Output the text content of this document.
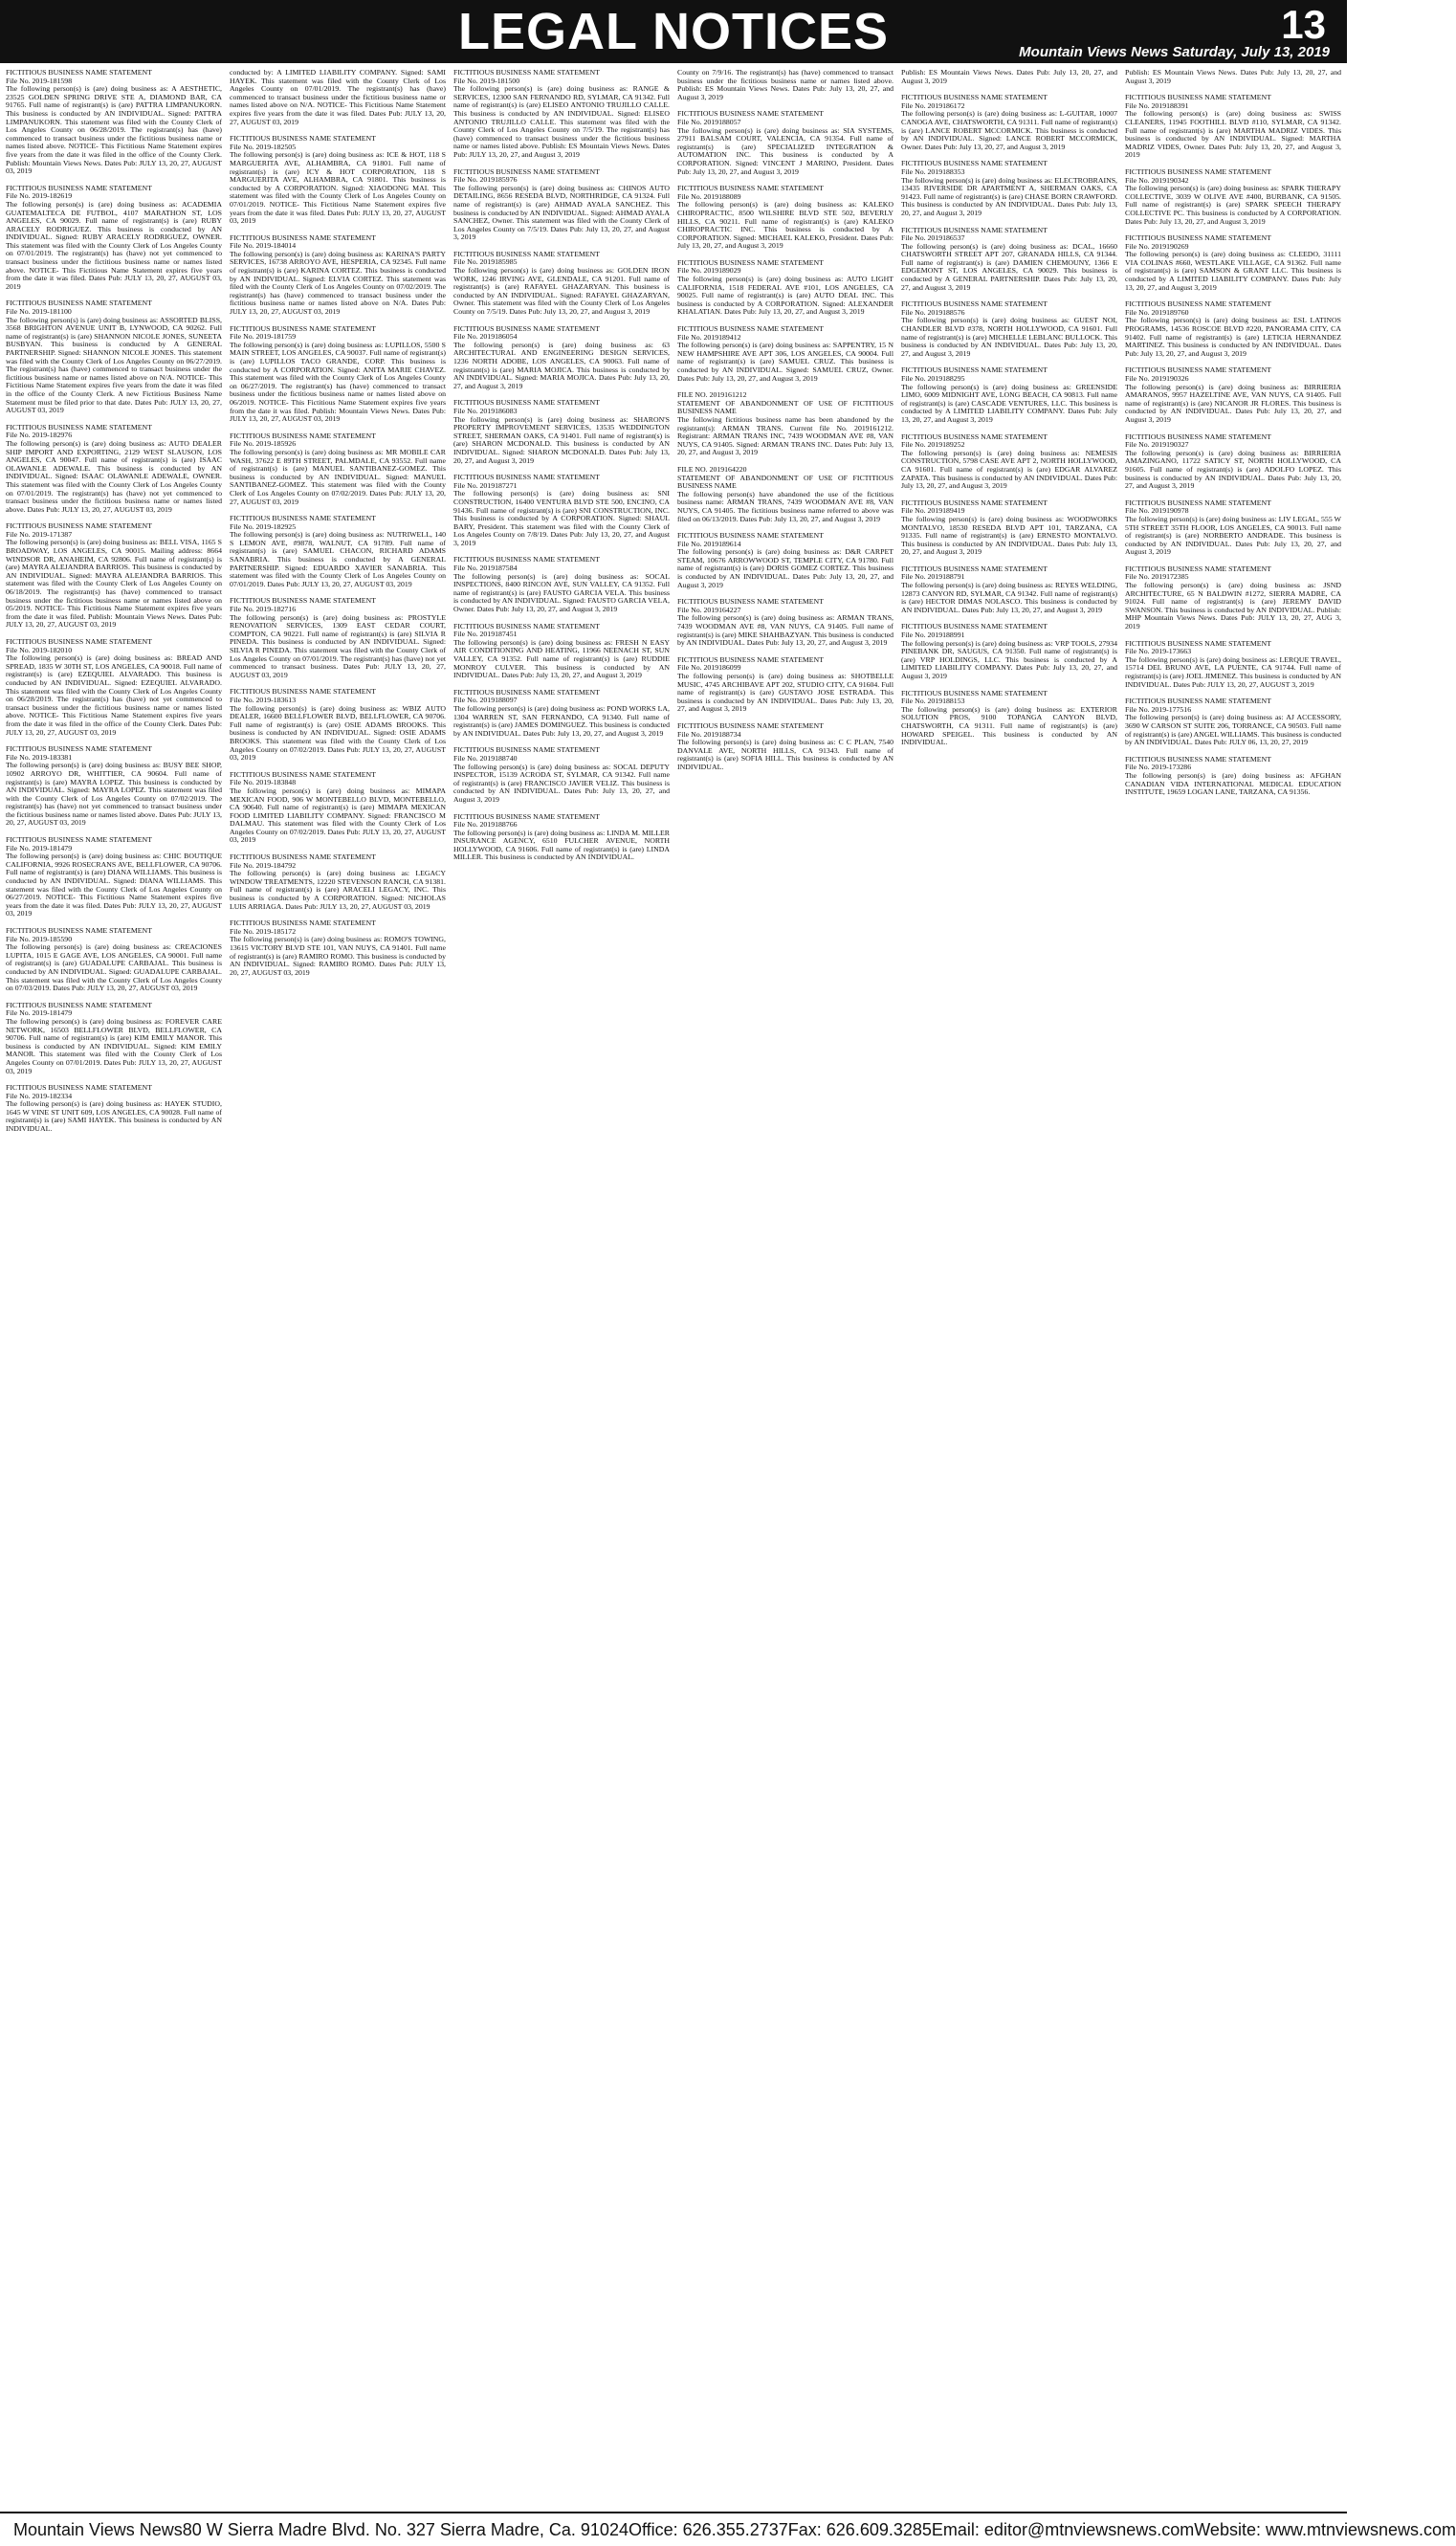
LEGAL NOTICES	13
Mountain Views News Saturday, July 13, 2019
FICTITIOUS BUSINESS NAME STATEMENT
File No. 2019-181598

The following person(s) is (are) doing business as: A AESTHETIC, 23525 GOLDEN SPRING DRIVE STE A, DIAMOND BAR, CA 91765. Full name of registrant(s) is (are) PATTRA LIMPANUKORN. This business is conducted by AN INDIVIDUAL. Signed: PATTRA LIMPANUKORN. This statement was filed with the County Clerk of Los Angeles County on 06/28/2019. The registrant(s) has (have) commenced to transact business under the fictitious business name or names listed above. NOTICE- This Fictitious Name Statement expires five years from the date it was filed in the office of the County Clerk. Publish: Mountain Views News. Dates Pub: JULY 13, 20, 27, AUGUST 03, 2019

FICTITIOUS BUSINESS NAME STATEMENT
File No. 2019-182619

The following person(s) is (are) doing business as: ACADEMIA GUATEMALTECA DE FUTBOL, 4107 MARATHON ST, LOS ANGELES, CA 90029. Full name of registrant(s) is (are) RUBY ARACELY RODRIGUEZ. This business is conducted by AN INDIVIDUAL. Signed: RUBY ARACELY RODRIGUEZ, OWNER. This statement was filed with the County Clerk of Los Angeles County on 07/01/2019. The registrant(s) has (have) not yet commenced to transact business under the fictitious business name or names listed above. NOTICE- This Fictitious Name Statement expires five years from the date it was filed. Dates Pub: JULY 13, 20, 27, AUGUST 03, 2019

FICTITIOUS BUSINESS NAME STATEMENT
File No. 2019-181100

The following person(s) is (are) doing business as: ASSORTED BLISS, 3568 BRIGHTON AVENUE UNIT B, LYNWOOD, CA 90262. Full name of registrant(s) is (are) SHANNON NICOLE JONES, SUNEETA BUSBYAN. This business is conducted by A GENERAL PARTNERSHIP. Signed: SHANNON NICOLE JONES. This statement was filed with the County Clerk of Los Angeles County on 06/27/2019. The registrant(s) has (have) commenced to transact business under the fictitious business name or names listed above on N/A. NOTICE- This Fictitious Name Statement expires five years from the date it was filed in the office of the County Clerk. A new Fictitious Business Name Statement must be filed prior to that date. Dates Pub: JULY 13, 20, 27, AUGUST 03, 2019

FICTITIOUS BUSINESS NAME STATEMENT
File No. 2019-182976

The following person(s) is (are) doing business as: AUTO DEALER SHIP IMPORT AND EXPORTING, 2129 WEST SLAUSON, LOS ANGELES, CA 90047. Full name of registrant(s) is (are) ISAAC OLAWANLE ADEWALE. This business is conducted by AN INDIVIDUAL. Signed: ISAAC OLAWANLE ADEWALE, OWNER. This statement was filed with the County Clerk of Los Angeles County on 07/01/2019. The registrant(s) has (have) not yet commenced to transact business under the fictitious business name or names listed above. Dates Pub: JULY 13, 20, 27, AUGUST 03, 2019

FICTITIOUS BUSINESS NAME STATEMENT
File No. 2019-171387

The following person(s) is (are) doing business as: BELL VISA, 1165 S BROADWAY, LOS ANGELES, CA 90015. Mailing address: 8664 WINDSOR DR, ANAHEIM, CA 92806. Full name of registrant(s) is (are) MAYRA ALEJANDRA BARRIOS. This business is conducted by AN INDIVIDUAL. Signed: MAYRA ALEJANDRA BARRIOS. This statement was filed with the County Clerk of Los Angeles County on 06/18/2019. The registrant(s) has (have) commenced to transact business under the fictitious business name or names listed above on 05/2019. NOTICE- This Fictitious Name Statement expires five years from the date it was filed. Publish: Mountain Views News. Dates Pub: JULY 13, 20, 27, AUGUST 03, 2019

FICTITIOUS BUSINESS NAME STATEMENT
File No. 2019-182010

The following person(s) is (are) doing business as: BREAD AND SPREAD, 1835 W 30TH ST, LOS ANGELES, CA 90018. Full name of registrant(s) is (are) EZEQUIEL ALVARADO. This business is conducted by AN INDIVIDUAL. Signed: EZEQUIEL ALVARADO. This statement was filed with the County Clerk of Los Angeles County on 06/28/2019. The registrant(s) has (have) not yet commenced to transact business under the fictitious business name or names listed above. NOTICE- This Fictitious Name Statement expires five years from the date it was filed in the office of the County Clerk. Dates Pub: JULY 13, 20, 27, AUGUST 03, 2019

FICTITIOUS BUSINESS NAME STATEMENT
File No. 2019-183381

The following person(s) is (are) doing business as: BUSY BEE SHOP, 10902 ARROYO DR, WHITTIER, CA 90604. Full name of registrant(s) is (are) MAYRA LOPEZ. This business is conducted by AN INDIVIDUAL. Signed: MAYRA LOPEZ. This statement was filed with the County Clerk of Los Angeles County on 07/02/2019. The registrant(s) has (have) not yet commenced to transact business under the fictitious business name or names listed above. Dates Pub: JULY 13, 20, 27, AUGUST 03, 2019

FICTITIOUS BUSINESS NAME STATEMENT
File No. 2019-181479

The following person(s) is (are) doing business as: CHIC BOUTIQUE CALIFORNIA, 9926 ROSECRANS AVE, BELLFLOWER, CA 90706. Full name of registrant(s) is (are) DIANA WILLIAMS. This business is conducted by AN INDIVIDUAL. Signed: DIANA WILLIAMS. This statement was filed with the County Clerk of Los Angeles County on 06/27/2019. NOTICE- This Fictitious Name Statement expires five years from the date it was filed. Dates Pub: JULY 13, 20, 27, AUGUST 03, 2019

FICTITIOUS BUSINESS NAME STATEMENT
File No. 2019-185590

The following person(s) is (are) doing business as: CREACIONES LUPITA, 1015 E GAGE AVE, LOS ANGELES, CA 90001. Full name of registrant(s) is (are) GUADALUPE CARBAJAL. This business is conducted by AN INDIVIDUAL. Signed: GUADALUPE CARBAJAL. This statement was filed with the County Clerk of Los Angeles County on 07/03/2019. Dates Pub: JULY 13, 20, 27, AUGUST 03, 2019

FICTITIOUS BUSINESS NAME STATEMENT
File No. 2019-181479

The following person(s) is (are) doing business as: FOREVER CARE NETWORK, 16503 BELLFLOWER BLVD, BELLFLOWER, CA 90706. Full name of registrant(s) is (are) KIM EMILY MANOR. This business is conducted by AN INDIVIDUAL. Signed: KIM EMILY MANOR. This statement was filed with the County Clerk of Los Angeles County on 07/01/2019. Dates Pub: JULY 13, 20, 27, AUGUST 03, 2019

FICTITIOUS BUSINESS NAME STATEMENT
File No. 2019-182334

The following person(s) is (are) doing business as: HAYEK STUDIO, 1645 W VINE ST UNIT 609, LOS ANGELES, CA 90028. Full name of registrant(s) is (are) SAMI HAYEK. This business is conducted by AN INDIVIDUAL.

conducted by: A LIMITED LIABILITY COMPANY. Signed: SAMI HAYEK. This statement was filed with the County Clerk of Los Angeles County on 07/01/2019. The registrant(s) has (have) commenced to transact business under the fictitious business name or names listed above on N/A. NOTICE- This Fictitious Name Statement expires five years from the date it was filed. Dates Pub: JULY 13, 20, 27, AUGUST 03, 2019

FICTITIOUS BUSINESS NAME STATEMENT
File No. 2019-182505

The following person(s) is (are) doing business as: ICE & HOT, 118 S MARGUERITA AVE, ALHAMBRA, CA 91801. Full name of registrant(s) is (are) ICY & HOT CORPORATION, 118 S MARGUERITA AVE, ALHAMBRA, CA 91801. This business is conducted by A CORPORATION. Signed: XIAODONG MAI. This statement was filed with the County Clerk of Los Angeles County on 07/01/2019. NOTICE- This Fictitious Name Statement expires five years from the date it was filed. Dates Pub: JULY 13, 20, 27, AUGUST 03, 2019

FICTITIOUS BUSINESS NAME STATEMENT
File No. 2019-184014

The following person(s) is (are) doing business as: KARINA'S PARTY SERVICES, 16738 ARROYO AVE, HESPERIA, CA 92345. Full name of registrant(s) is (are) KARINA CORTEZ. This business is conducted by AN INDIVIDUAL. Signed: ELVIA CORTEZ. This statement was filed with the County Clerk of Los Angeles County on 07/02/2019. The registrant(s) has (have) commenced to transact business under the fictitious business name or names listed above on N/A. Dates Pub: JULY 13, 20, 27, AUGUST 03, 2019

FICTITIOUS BUSINESS NAME STATEMENT
File No. 2019-181759

The following person(s) is (are) doing business as: LUPILLOS, 5500 S MAIN STREET, LOS ANGELES, CA 90037. Full name of registrant(s) is (are) LUPILLOS TACO GRANDE, CORP. This business is conducted by A CORPORATION. Signed: ANITA MARIE CHAVEZ. This statement was filed with the County Clerk of Los Angeles County on 06/27/2019. The registrant(s) has (have) commenced to transact business under the fictitious business name or names listed above on 06/2019. NOTICE- This Fictitious Name Statement expires five years from the date it was filed. Publish: Mountain Views News. Dates Pub: JULY 13, 20, 27, AUGUST 03, 2019

FICTITIOUS BUSINESS NAME STATEMENT
File No. 2019-185926

The following person(s) is (are) doing business as: MR MOBILE CAR WASH, 37622 E 89TH STREET, PALMDALE, CA 93552. Full name of registrant(s) is (are) MANUEL SANTIBANEZ-GOMEZ. This business is conducted by AN INDIVIDUAL. Signed: MANUEL SANTIBANEZ-GOMEZ. This statement was filed with the County Clerk of Los Angeles County on 07/02/2019. Dates Pub: JULY 13, 20, 27, AUGUST 03, 2019

FICTITIOUS BUSINESS NAME STATEMENT
File No. 2019-182925

The following person(s) is (are) doing business as: NUTRIWELL, 140 S LEMON AVE, #9878, WALNUT, CA 91789. Full name of registrant(s) is (are) SAMUEL CHACON, RICHARD ADAMS SANABRIA. This business is conducted by A GENERAL PARTNERSHIP. Signed: EDUARDO XAVIER SANABRIA. This statement was filed with the County Clerk of Los Angeles County on 07/01/2019. Dates Pub: JULY 13, 20, 27, AUGUST 03, 2019

FICTITIOUS BUSINESS NAME STATEMENT
File No. 2019-182716

The following person(s) is (are) doing business as: PROSTYLE RENOVATION SERVICES, 1309 EAST CEDAR COURT, COMPTON, CA 90221. Full name of registrant(s) is (are) SILVIA R PINEDA. This business is conducted by AN INDIVIDUAL. Signed: SILVIA R PINEDA. This statement was filed with the County Clerk of Los Angeles County on 07/01/2019. The registrant(s) has (have) not yet commenced to transact business. Dates Pub: JULY 13, 20, 27, AUGUST 03, 2019

FICTITIOUS BUSINESS NAME STATEMENT
File No. 2019-183613

The following person(s) is (are) doing business as: WBIZ AUTO DEALER, 16600 BELLFLOWER BLVD, BELLFLOWER, CA 90706. Full name of registrant(s) is (are) OSIE ADAMS BROOKS. This business is conducted by AN INDIVIDUAL. Signed: OSIE ADAMS BROOKS. This statement was filed with the County Clerk of Los Angeles County on 07/02/2019. Dates Pub: JULY 13, 20, 27, AUGUST 03, 2019

FICTITIOUS BUSINESS NAME STATEMENT
File No. 2019-183848

The following person(s) is (are) doing business as: MIMAPA MEXICAN FOOD, 906 W MONTEBELLO BLVD, MONTEBELLO, CA 90640. Full name of registrant(s) is (are) MIMAPA MEXICAN FOOD LIMITED LIABILITY COMPANY. Signed: FRANCISCO M DALMAU. This statement was filed with the County Clerk of Los Angeles County on 07/02/2019. Dates Pub: JULY 13, 20, 27, AUGUST 03, 2019

FICTITIOUS BUSINESS NAME STATEMENT
File No. 2019-184792

The following person(s) is (are) doing business as: LEGACY WINDOW TREATMENTS, 12220 STEVENSON RANCH, CA 91381. Full name of registrant(s) is (are) ARACELI LEGACY, INC. This business is conducted by A CORPORATION. Signed: NICHOLAS LUIS ARRIAGA. Dates Pub: JULY 13, 20, 27, AUGUST 03, 2019

FICTITIOUS BUSINESS NAME STATEMENT
File No. 2019-185172

The following person(s) is (are) doing business as: ROMO'S TOWING, 13615 VICTORY BLVD STE 101, VAN NUYS, CA 91401. Full name of registrant(s) is (are) RAMIRO ROMO. This business is conducted by AN INDIVIDUAL. Signed: RAMIRO ROMO. Dates Pub: JULY 13, 20, 27, AUGUST 03, 2019

FICTITIOUS BUSINESS NAME STATEMENT
File No. 2019-181500

The following person(s) is (are) doing business as: RANGE & SERVICES, 12300 SAN FERNANDO RD, SYLMAR, CA 91342. Full name of registrant(s) is (are) ELISEO ANTONIO TRUJILLO CALLE. This business is conducted by AN INDIVIDUAL. Signed: ELISEO ANTONIO TRUJILLO CALLE. This statement was filed with the County Clerk of Los Angeles County on 7/5/19. The registrant(s) has (have) commenced to transact business under the fictitious business name or names listed above. Publish: ES Mountain Views News. Dates Pub: JULY 13, 20, 27, and August 3, 2019

FICTITIOUS BUSINESS NAME STATEMENT
File No. 2019185976

The following person(s) is (are) doing business as: CHINOS AUTO DETAILING, 8656 RESEDA BLVD, NORTHRIDGE, CA 91324. Full name of registrant(s) is (are) AHMAD AYALA SANCHEZ. This business is conducted by AN INDIVIDUAL. Signed: AHMAD AYALA SANCHEZ, Owner. This statement was filed with the County Clerk of Los Angeles County on 7/5/19. Dates Pub: July 13, 20, 27, and August 3, 2019

FICTITIOUS BUSINESS NAME STATEMENT
File No. 2019185985

The following person(s) is (are) doing business as: GOLDEN IRON WORK, 1246 IRVING AVE, GLENDALE, CA 91201. Full name of registrant(s) is (are) RAFAYEL GHAZARYAN. This business is conducted by AN INDIVIDUAL. Signed: RAFAYEL GHAZARYAN, Owner. This statement was filed with the County Clerk of Los Angeles County on 7/5/19. Dates Pub: July 13, 20, 27, and August 3, 2019

FICTITIOUS BUSINESS NAME STATEMENT
File No. 2019186054

The following person(s) is (are) doing business as: 63 ARCHITECTURAL AND ENGINEERING DESIGN SERVICES, 1236 NORTH ADOBE, LOS ANGELES, CA 90063. Full name of registrant(s) is (are) MARIA MOJICA. This business is conducted by AN INDIVIDUAL. Signed: MARIA MOJICA. Dates Pub: July 13, 20, 27, and August 3, 2019

FICTITIOUS BUSINESS NAME STATEMENT
File No. 2019186083

The following person(s) is (are) doing business as: SHARON'S PROPERTY IMPROVEMENT SERVICES, 13535 WEDDINGTON STREET, SHERMAN OAKS, CA 91401. Full name of registrant(s) is (are) SHARON MCDONALD. This business is conducted by AN INDIVIDUAL. Signed: SHARON MCDONALD. Dates Pub: July 13, 20, 27, and August 3, 2019

FICTITIOUS BUSINESS NAME STATEMENT
File No. 2019187271

The following person(s) is (are) doing business as: SNI CONSTRUCTION, 16400 VENTURA BLVD STE 500, ENCINO, CA 91436. Full name of registrant(s) is (are) SNI CONSTRUCTION, INC. This business is conducted by A CORPORATION. Signed: SHAUL BARY, President. This statement was filed with the County Clerk of Los Angeles County on 7/8/19. Dates Pub: July 13, 20, 27, and August 3, 2019

FICTITIOUS BUSINESS NAME STATEMENT
File No. 2019187584

The following person(s) is (are) doing business as: SOCAL INSPECTIONS, 8400 RINCON AVE, SUN VALLEY, CA 91352. Full name of registrant(s) is (are) FAUSTO GARCIA VELA. This business is conducted by AN INDIVIDUAL. Signed: FAUSTO GARCIA VELA, Owner. Dates Pub: July 13, 20, 27, and August 3, 2019

FICTITIOUS BUSINESS NAME STATEMENT
File No. 2019187451

The following person(s) is (are) doing business as: FRESH N EASY AIR CONDITIONING AND HEATING, 11966 NEENACH ST, SUN VALLEY, CA 91352. Full name of registrant(s) is (are) RUDDIE MONROY CULVER. This business is conducted by AN INDIVIDUAL. Dates Pub: July 13, 20, 27, and August 3, 2019

FICTITIOUS BUSINESS NAME STATEMENT
File No. 2019188097

The following person(s) is (are) doing business as: POND WORKS LA, 1304 WARREN ST, SAN FERNANDO, CA 91340. Full name of registrant(s) is (are) JAMES DOMINGUEZ. This business is conducted by AN INDIVIDUAL. Dates Pub: July 13, 20, 27, and August 3, 2019

FICTITIOUS BUSINESS NAME STATEMENT
File No. 2019188740

The following person(s) is (are) doing business as: SOCAL DEPUTY INSPECTOR, 15139 ACRODA ST, SYLMAR, CA 91342. Full name of registrant(s) is (are) FRANCISCO JAVIER VELIZ. This business is conducted by AN INDIVIDUAL. Dates Pub: July 13, 20, 27, and August 3, 2019

FICTITIOUS BUSINESS NAME STATEMENT
File No. 2019188766

The following person(s) is (are) doing business as: LINDA M. MILLER INSURANCE AGENCY, 6510 FULCHER AVENUE, NORTH HOLLYWOOD, CA 91606. Full name of registrant(s) is (are) LINDA MILLER. This business is conducted by AN INDIVIDUAL.

County on 7/9/16. The registrant(s) has (have) commenced to transact business under the fictitious business name or names listed above. Publish: ES Mountain Views News. Dates Pub: July 13, 20, 27, and August 3, 2019

FICTITIOUS BUSINESS NAME STATEMENT
File No. 2019188057

The following person(s) is (are) doing business as: SIA SYSTEMS, 27911 BALSAM COURT, VALENCIA, CA 91354. Full name of registrant(s) is (are) SPECIALIZED INTEGRATION & AUTOMATION INC. This business is conducted by A CORPORATION. Signed: VINCENT J MARINO, President. Dates Pub: July 13, 20, 27, and August 3, 2019

FICTITIOUS BUSINESS NAME STATEMENT
File No. 2019188089

The following person(s) is (are) doing business as: KALEKO CHIROPRACTIC, 8500 WILSHIRE BLVD STE 502, BEVERLY HILLS, CA 90211. Full name of registrant(s) is (are) KALEKO CHIROPRACTIC INC. This business is conducted by A CORPORATION. Signed: MICHAEL KALEKO, President. Dates Pub: July 13, 20, 27, and August 3, 2019

FICTITIOUS BUSINESS NAME STATEMENT
File No. 2019189029

The following person(s) is (are) doing business as: AUTO LIGHT CALIFORNIA, 1518 FEDERAL AVE #101, LOS ANGELES, CA 90025. Full name of registrant(s) is (are) AUTO DEAL INC. This business is conducted by A CORPORATION. Signed: ALEXANDER KHALATIAN. Dates Pub: July 13, 20, 27, and August 3, 2019

FICTITIOUS BUSINESS NAME STATEMENT
File No. 2019189412

The following person(s) is (are) doing business as: SAPPENTRY, 15 N NEW HAMPSHIRE AVE APT 306, LOS ANGELES, CA 90004. Full name of registrant(s) is (are) SAMUEL CRUZ. This business is conducted by AN INDIVIDUAL. Signed: SAMUEL CRUZ, Owner. Dates Pub: July 13, 20, 27, and August 3, 2019

FILE NO. 2019161212
STATEMENT OF ABANDONMENT OF USE OF FICTITIOUS BUSINESS NAME

The following fictitious business name has been abandoned by the registrant(s): ARMAN TRANS. Current file No. 2019161212. Registrant: ARMAN TRANS INC, 7439 WOODMAN AVE #8, VAN NUYS, CA 91405. Signed: ARMAN TRANS INC. Dates Pub: July 13, 20, 27, and August 3, 2019

FILE NO. 2019164220
STATEMENT OF ABANDONMENT OF USE OF FICTITIOUS BUSINESS NAME

The following person(s) have abandoned the use of the fictitious business name: ARMAN TRANS, 7439 WOODMAN AVE #8, VAN NUYS, CA 91405. The fictitious business name referred to above was filed on 06/13/2019. Dates Pub: July 13, 20, 27, and August 3, 2019

FICTITIOUS BUSINESS NAME STATEMENT
File No. 2019189614

The following person(s) is (are) doing business as: D&R CARPET STEAM, 10676 ARROWWOOD ST, TEMPLE CITY, CA 91780. Full name of registrant(s) is (are) DORIS GOMEZ CORTEZ. This business is conducted by AN INDIVIDUAL. Dates Pub: July 13, 20, 27, and August 3, 2019

FICTITIOUS BUSINESS NAME STATEMENT
File No. 2019164227

The following person(s) is (are) doing business as: ARMAN TRANS, 7439 WOODMAN AVE #8, VAN NUYS, CA 91405. Full name of registrant(s) is (are) MIKE SHAHBAZYAN. This business is conducted by AN INDIVIDUAL. Dates Pub: July 13, 20, 27, and August 3, 2019

FICTITIOUS BUSINESS NAME STATEMENT
File No. 2019186099

The following person(s) is (are) doing business as: SHOTBELLE MUSIC, 4745 ARCHIBAVE APT 202, STUDIO CITY, CA 91604. Full name of registrant(s) is (are) GUSTAVO JOSE ESTRADA. This business is conducted by AN INDIVIDUAL. Dates Pub: July 13, 20, 27, and August 3, 2019

FICTITIOUS BUSINESS NAME STATEMENT
File No. 2019188734

The following person(s) is (are) doing business as: C C PLAN, 7540 DANVALE AVE, NORTH HILLS, CA 91343. Full name of registrant(s) is (are) SOFIA HILL. This business is conducted by AN INDIVIDUAL.

Publish: ES Mountain Views News. Dates Pub: July 13, 20, 27, and August 3, 2019

FICTITIOUS BUSINESS NAME STATEMENT
File No. 2019186172

The following person(s) is (are) doing business as: L-GUITAR, 10007 CANOGA AVE, CHATSWORTH, CA 91311. Full name of registrant(s) is (are) LANCE ROBERT MCCORMICK. This business is conducted by AN INDIVIDUAL. Signed: LANCE ROBERT MCCORMICK, Owner. Dates Pub: July 13, 20, 27, and August 3, 2019

FICTITIOUS BUSINESS NAME STATEMENT
File No. 2019188353

The following person(s) is (are) doing business as: ELECTROBRAINS, 13435 RIVERSIDE DR APARTMENT A, SHERMAN OAKS, CA 91423. Full name of registrant(s) is (are) CHASE BORN CRAWFORD. This business is conducted by AN INDIVIDUAL. Dates Pub: July 13, 20, 27, and August 3, 2019

FICTITIOUS BUSINESS NAME STATEMENT
File No. 2019186537

The following person(s) is (are) doing business as: DCAL, 16660 CHATSWORTH STREET APT 207, GRANADA HILLS, CA 91344. Full name of registrant(s) is (are) DAMIEN CHEMOUNY, 1366 E EDGEMONT ST, LOS ANGELES, CA 90029. This business is conducted by A GENERAL PARTNERSHIP. Dates Pub: July 13, 20, 27, and August 3, 2019

FICTITIOUS BUSINESS NAME STATEMENT
File No. 2019188576

The following person(s) is (are) doing business as: GUEST NOI, CHANDLER BLVD #378, NORTH HOLLYWOOD, CA 91601. Full name of registrant(s) is (are) MICHELLE LEBLANC BULLOCK. This business is conducted by AN INDIVIDUAL. Dates Pub: July 13, 20, 27, and August 3, 2019

FICTITIOUS BUSINESS NAME STATEMENT
File No. 2019188295

The following person(s) is (are) doing business as: GREENSIDE LIMO, 6009 MIDNIGHT AVE, LONG BEACH, CA 90813. Full name of registrant(s) is (are) CASCADE VENTURES, LLC. This business is conducted by A LIMITED LIABILITY COMPANY. Dates Pub: July 13, 20, 27, and August 3, 2019

FICTITIOUS BUSINESS NAME STATEMENT
File No. 2019189252

The following person(s) is (are) doing business as: NEMESIS CONSTRUCTION, 5798 CASE AVE APT 2, NORTH HOLLYWOOD, CA 91601. Full name of registrant(s) is (are) EDGAR ALVAREZ ZAPATA. This business is conducted by AN INDIVIDUAL. Dates Pub: July 13, 20, 27, and August 3, 2019

FICTITIOUS BUSINESS NAME STATEMENT
File No. 2019189419

The following person(s) is (are) doing business as: WOODWORKS MONTALVO, 18530 RESEDA BLVD APT 101, TARZANA, CA 91335. Full name of registrant(s) is (are) ERNESTO MONTALVO. This business is conducted by AN INDIVIDUAL. Dates Pub: July 13, 20, 27, and August 3, 2019

FICTITIOUS BUSINESS NAME STATEMENT
File No. 2019188791

The following person(s) is (are) doing business as: REYES WELDING, 12873 CANYON RD, SYLMAR, CA 91342. Full name of registrant(s) is (are) HECTOR DIMAS NOLASCO. This business is conducted by AN INDIVIDUAL. Dates Pub: July 13, 20, 27, and August 3, 2019

FICTITIOUS BUSINESS NAME STATEMENT
File No. 2019188991

The following person(s) is (are) doing business as: VRP TOOLS, 27934 PINEBANK DR, SAUGUS, CA 91350. Full name of registrant(s) is (are) VRP HOLDINGS, LLC. This business is conducted by A LIMITED LIABILITY COMPANY. Dates Pub: July 13, 20, 27, and August 3, 2019

FICTITIOUS BUSINESS NAME STATEMENT
File No. 2019188153

The following person(s) is (are) doing business as: EXTERIOR SOLUTION PROS, 9100 TOPANGA CANYON BLVD, CHATSWORTH, CA 91311. Full name of registrant(s) is (are) HOWARD SPEIGEL. This business is conducted by AN INDIVIDUAL.

Publish: ES Mountain Views News. Dates Pub: July 13, 20, 27, and August 3, 2019

FICTITIOUS BUSINESS NAME STATEMENT
File No. 2019188391

The following person(s) is (are) doing business as: SWISS CLEANERS, 11945 FOOTHILL BLVD #110, SYLMAR, CA 91342. Full name of registrant(s) is (are) MARTHA MADRIZ VIDES. This business is conducted by AN INDIVIDUAL. Signed: MARTHA MADRIZ VIDES, Owner. Dates Pub: July 13, 20, 27, and August 3, 2019

FICTITIOUS BUSINESS NAME STATEMENT
File No. 2019190342

The following person(s) is (are) doing business as: SPARK THERAPY COLLECTIVE, 3039 W OLIVE AVE #400, BURBANK, CA 91505. Full name of registrant(s) is (are) SPARK SPEECH THERAPY COLLECTIVE PC. This business is conducted by A CORPORATION. Dates Pub: July 13, 20, 27, and August 3, 2019

FICTITIOUS BUSINESS NAME STATEMENT
File No. 2019190269

The following person(s) is (are) doing business as: CLEEDO, 31111 VIA COLINAS #660, WESTLAKE VILLAGE, CA 91362. Full name of registrant(s) is (are) SAMSON & GRANT LLC. This business is conducted by A LIMITED LIABILITY COMPANY. Dates Pub: July 13, 20, 27, and August 3, 2019

FICTITIOUS BUSINESS NAME STATEMENT
File No. 2019189760

The following person(s) is (are) doing business as: ESL LATINOS PROGRAMS, 14536 ROSCOE BLVD #220, PANORAMA CITY, CA 91402. Full name of registrant(s) is (are) LETICIA HERNANDEZ MARTINEZ. This business is conducted by AN INDIVIDUAL. Dates Pub: July 13, 20, 27, and August 3, 2019

FICTITIOUS BUSINESS NAME STATEMENT
File No. 2019190326

The following person(s) is (are) doing business as: BIRRIERIA AMARANOS, 9957 HAZELTINE AVE, VAN NUYS, CA 91405. Full name of registrant(s) is (are) NICANOR JR FLORES. This business is conducted by AN INDIVIDUAL. Dates Pub: July 13, 20, 27, and August 3, 2019

FICTITIOUS BUSINESS NAME STATEMENT
File No. 2019190327

The following person(s) is (are) doing business as: BIRRIERIA AMAZINGANO, 11722 SATICY ST, NORTH HOLLYWOOD, CA 91605. Full name of registrant(s) is (are) ADOLFO LOPEZ. This business is conducted by AN INDIVIDUAL. Dates Pub: July 13, 20, 27, and August 3, 2019

FICTITIOUS BUSINESS NAME STATEMENT
File No. 2019190978

The following person(s) is (are) doing business as: LIV LEGAL, 555 W 5TH STREET 35TH FLOOR, LOS ANGELES, CA 90013. Full name of registrant(s) is (are) NORBERTO ANDRADE. This business is conducted by AN INDIVIDUAL. Dates Pub: July 13, 20, 27, and August 3, 2019

FICTITIOUS BUSINESS NAME STATEMENT
File No. 2019172385

The following person(s) is (are) doing business as: JSND ARCHITECTURE, 65 N BALDWIN #1272, SIERRA MADRE, CA 91024. Full name of registrant(s) is (are) JEREMY DAVID SWANSON. This business is conducted by AN INDIVIDUAL. Publish: MHP Mountain Views News. Dates Pub: JULY 13, 20, 27, AUG 3, 2019

FICTITIOUS BUSINESS NAME STATEMENT
File No. 2019-173663

The following person(s) is (are) doing business as: LERQUE TRAVEL, 15714 DEL BRUNO AVE, LA PUENTE, CA 91744. Full name of registrant(s) is (are) JOEL JIMENEZ. This business is conducted by AN INDIVIDUAL. Dates Pub: JULY 13, 20, 27, AUGUST 3, 2019

FICTITIOUS BUSINESS NAME STATEMENT
File No. 2019-177516

The following person(s) is (are) doing business as: AJ ACCESSORY, 3690 W CARSON ST SUITE 206, TORRANCE, CA 90503. Full name of registrant(s) is (are) ANGEL WILLIAMS. This business is conducted by AN INDIVIDUAL. Dates Pub: JULY 06, 13, 20, 27, 2019

FICTITIOUS BUSINESS NAME STATEMENT
File No. 2019-173286

The following person(s) is (are) doing business as: AFGHAN CANADIAN VIDA INTERNATIONAL MEDICAL EDUCATION INSTITUTE, 19659 LOGAN LANE, TARZANA, CA 91356.

Mountain Views News 80 W Sierra Madre Blvd. No. 327 Sierra Madre, Ca. 91024 Office: 626.355.2737 Fax: 626.609.3285 Email: editor@mtnviewsnews.com Website: www.mtnviewsnews.com
